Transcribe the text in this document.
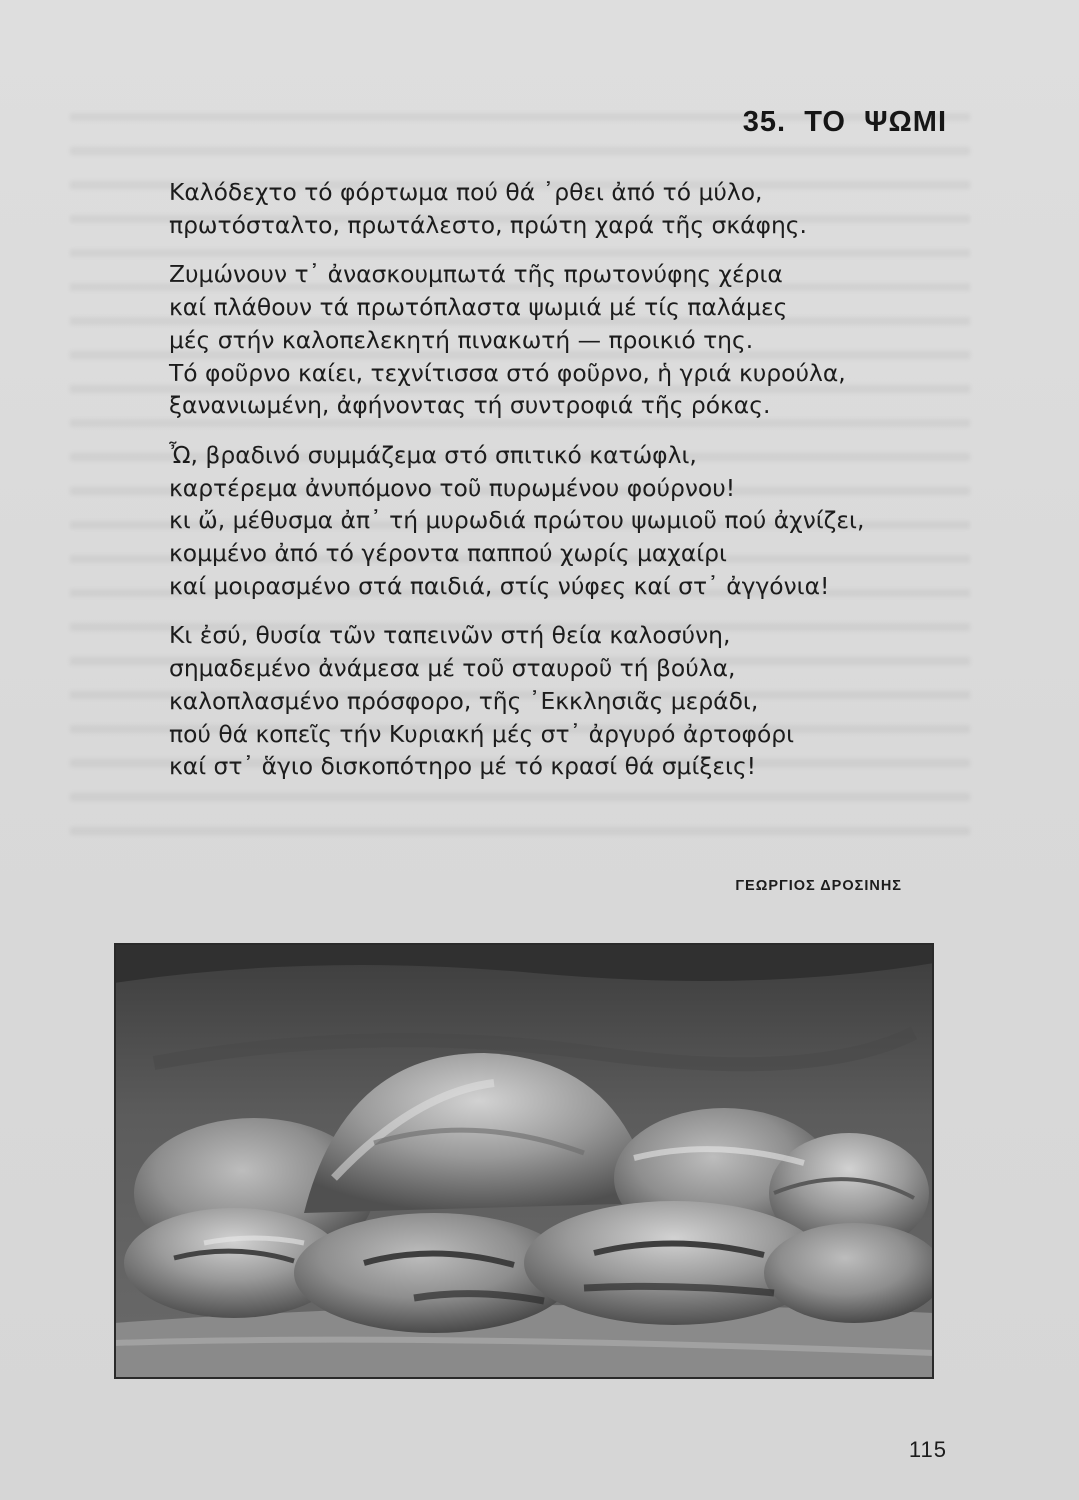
35.  ΤΟ  ΨΩΜΙ
Καλόδεχτο τό φόρτωμα πού θά ᾽ρθει ἀπό τό μύλο,
πρωτόσταλτο, πρωτάλεστο, πρώτη χαρά τῆς σκάφης.
Ζυμώνουν τ᾽ ἀνασκουμπωτά τῆς πρωτονύφης χέρια
καί πλάθουν τά πρωτόπλαστα ψωμιά μέ τίς παλάμες
μές στήν καλοπελεκητή πινακωτή — προικιό της.
Τό φοῦρνο καίει, τεχνίτισσα στό φοῦρνο, ἡ γριά κυρούλα,
ξανανιωμένη, ἀφήνοντας τή συντροφιά τῆς ρόκας.
Ὦ, βραδινό συμμάζεμα στό σπιτικό κατώφλι,
καρτέρεμα ἀνυπόμονο τοῦ πυρωμένου φούρνου!
κι ὤ, μέθυσμα ἀπ᾽ τή μυρωδιά πρώτου ψωμιοῦ πού ἀχνίζει,
κομμένο ἀπό τό γέροντα παππού χωρίς μαχαίρι
καί μοιρασμένο στά παιδιά, στίς νύφες καί στ᾽ ἀγγόνια!
Κι ἐσύ, θυσία τῶν ταπεινῶν στή θεία καλοσύνη,
σημαδεμένο ἀνάμεσα μέ τοῦ σταυροῦ τή βούλα,
καλοπλασμένο πρόσφορο, τῆς ᾽Εκκλησιᾶς μεράδι,
πού θά κοπεῖς τήν Κυριακή μές στ᾽ ἀργυρό ἀρτοφόρι
καί στ᾽ ἅγιο δισκοπότηρο μέ τό κρασί θά σμίξεις!
ΓΕΩΡΓΙΟΣ ΔΡΟΣΙΝΗΣ
115
